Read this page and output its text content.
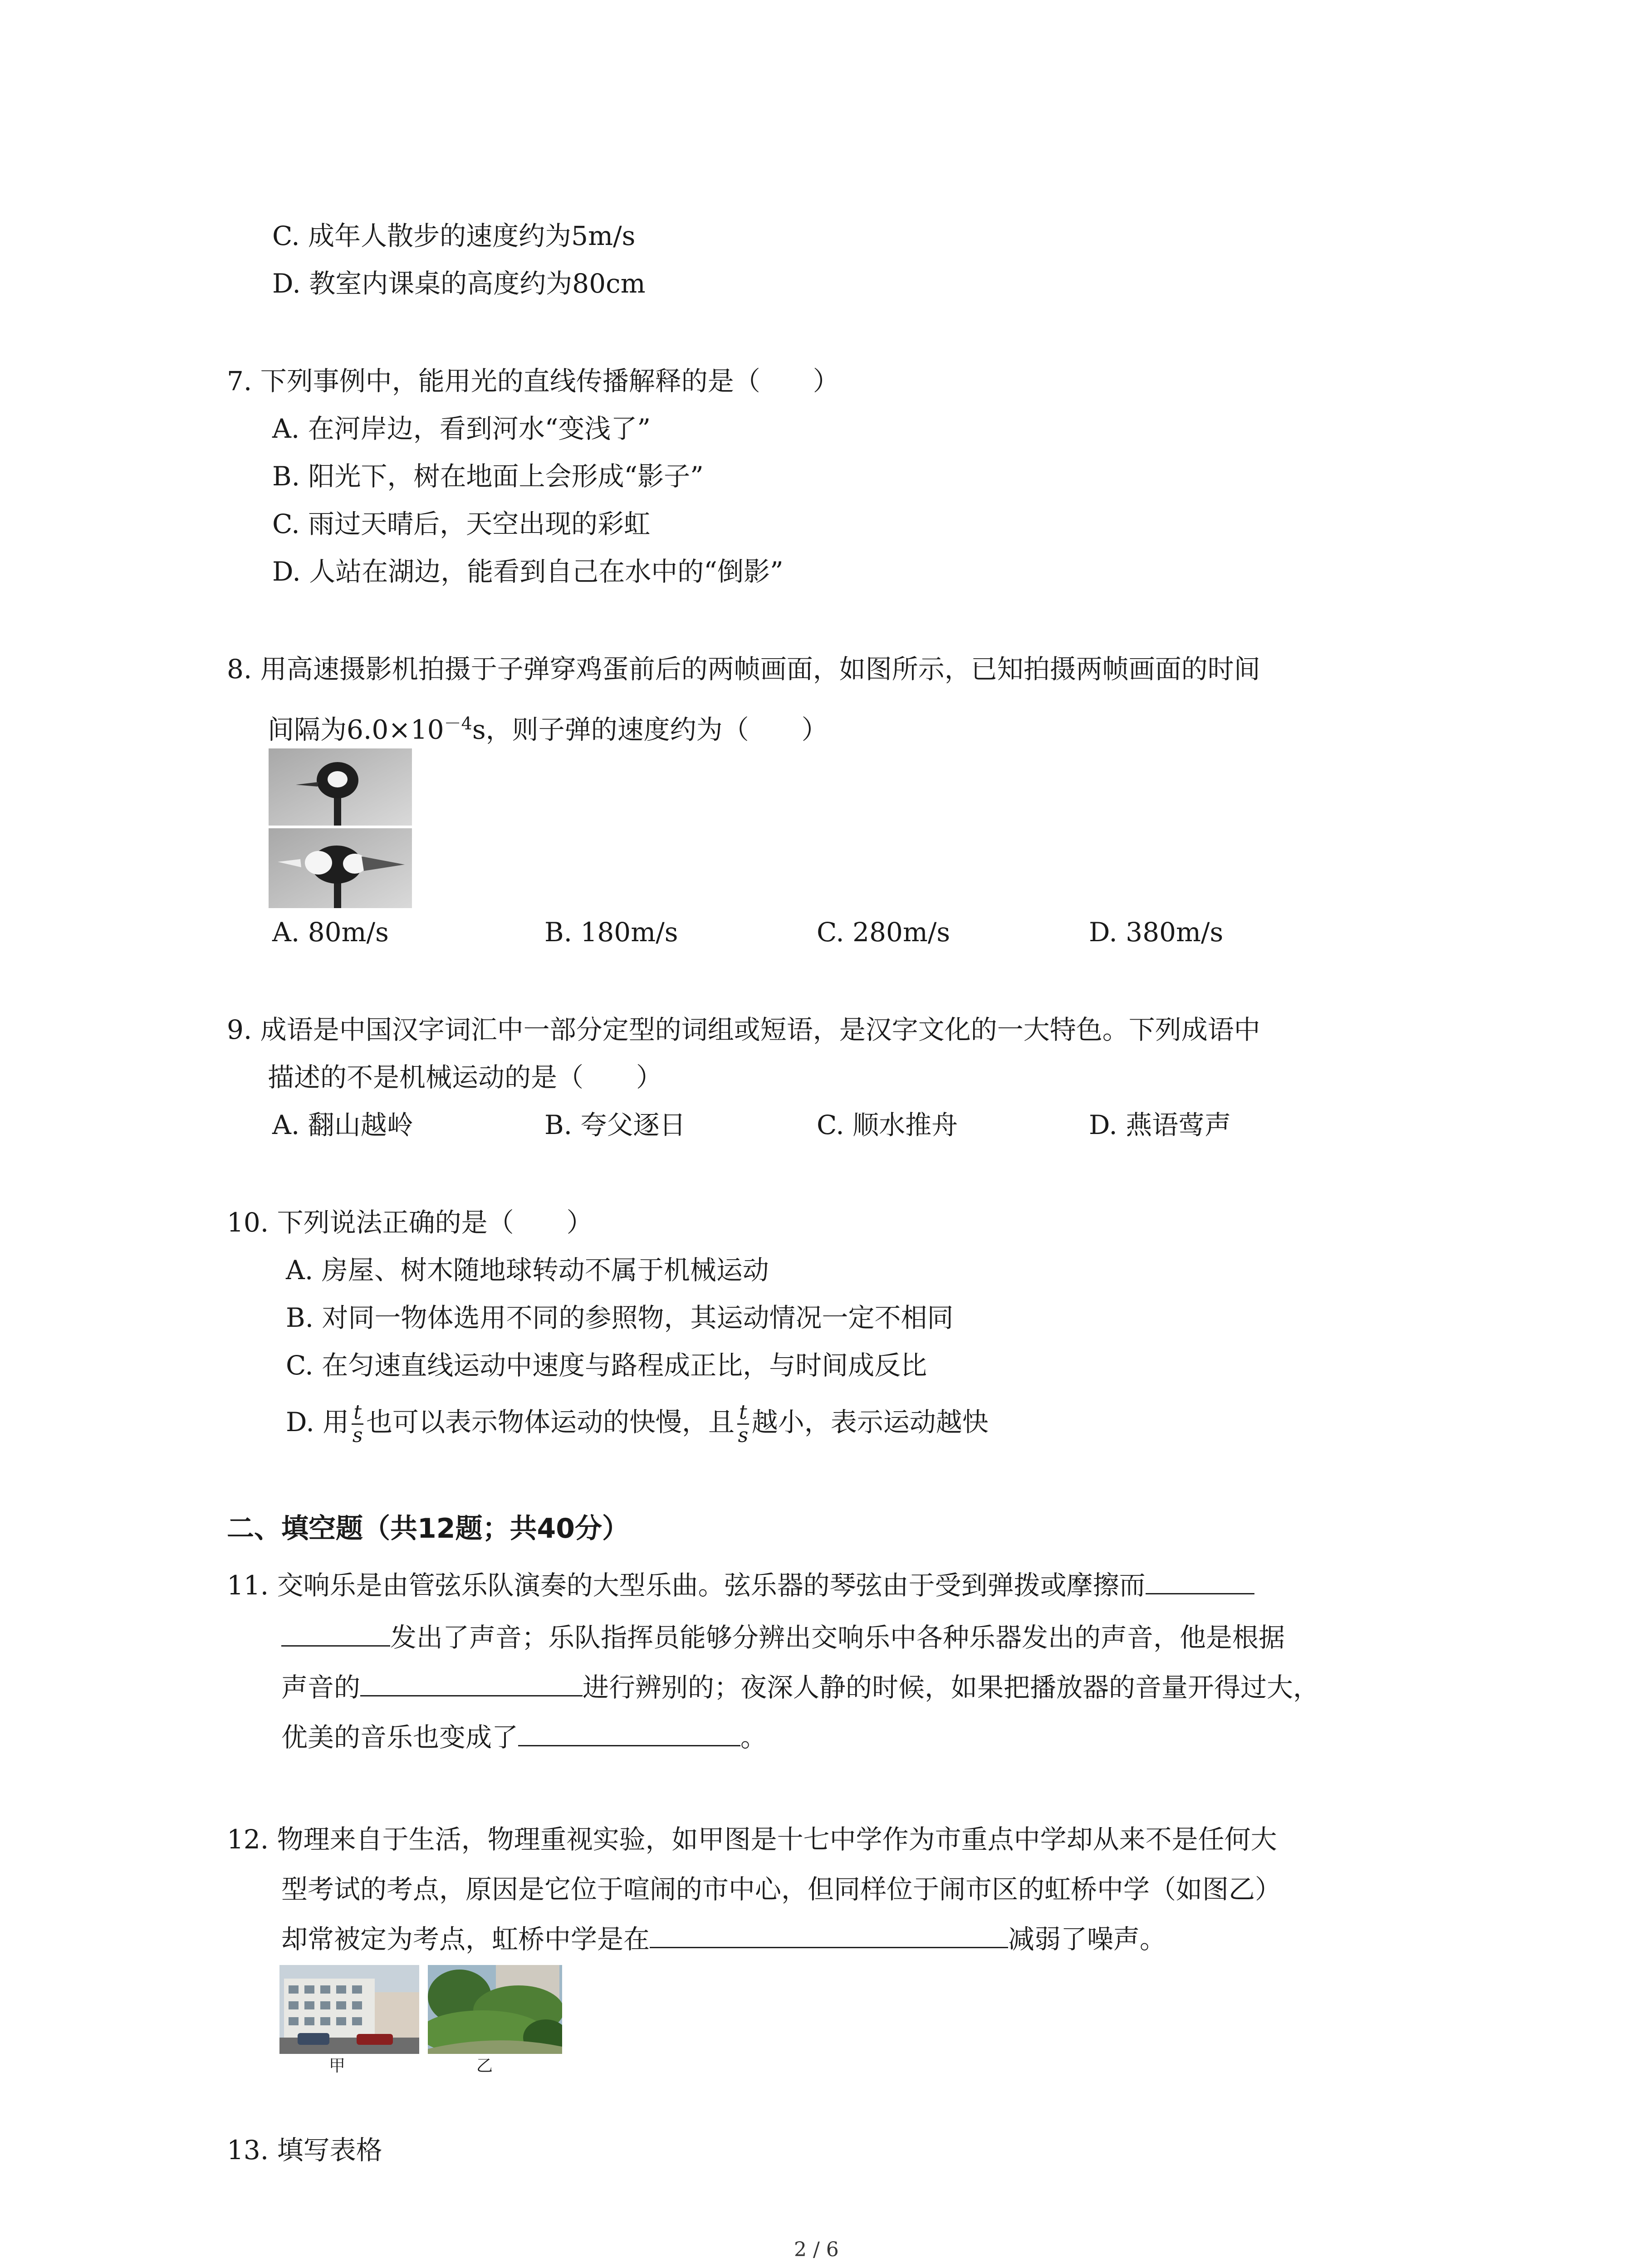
C. 成年人散步的速度约为5m/s
D. 教室内课桌的高度约为80cm
7. 下列事例中，能用光的直线传播解释的是（　　）
A. 在河岸边，看到河水“变浅了”
B. 阳光下，树在地面上会形成“影子”
C. 雨过天晴后，天空出现的彩虹
D. 人站在湖边，能看到自己在水中的“倒影”
8. 用高速摄影机拍摄于子弹穿鸡蛋前后的两帧画面，如图所示，已知拍摄两帧画面的时间
间隔为$6.0\times 10^{-4}s$，则子弹的速度约为（　　）
A. 80m/s	B. 180m/s	C. 280m/s	D. 380m/s
9. 成语是中国汉字词汇中一部分定型的词组或短语，是汉字文化的一大特色。下列成语中
描述的不是机械运动的是（　　）
A. 翻山越岭	B. 夸父逐日	C. 顺水推舟	D. 燕语莺声
10. 下列说法正确的是（　　）
A. 房屋、树木随地球转动不属于机械运动
B. 对同一物体选用不同的参照物，其运动情况一定不相同
C. 在匀速直线运动中速度与路程成正比，与时间成反比
D. 用 $\frac{t}{s}$ 也可以表示物体运动的快慢，且 $\frac{t}{s}$ 越小，表示运动越快
二、填空题（共12题；共40分）
11. 交响乐是由管弦乐队演奏的大型乐曲。弦乐器的琴弦由于受到弹拨或摩擦而
发出了声音；乐队指挥员能够分辨出交响乐中各种乐器发出的声音，他是根据
声音的	进行辨别的；夜深人静的时候，如果把播放器的音量开得过大，
优美的音乐也变成了	。
12. 物理来自于生活，物理重视实验，如甲图是十七中学作为市重点中学却从来不是任何大
型考试的考点，原因是它位于喧闹的市中心，但同样位于闹市区的虹桥中学（如图乙）
却常被定为考点，虹桥中学是在	减弱了噪声。
甲	乙
13. 填写表格
2 / 6
